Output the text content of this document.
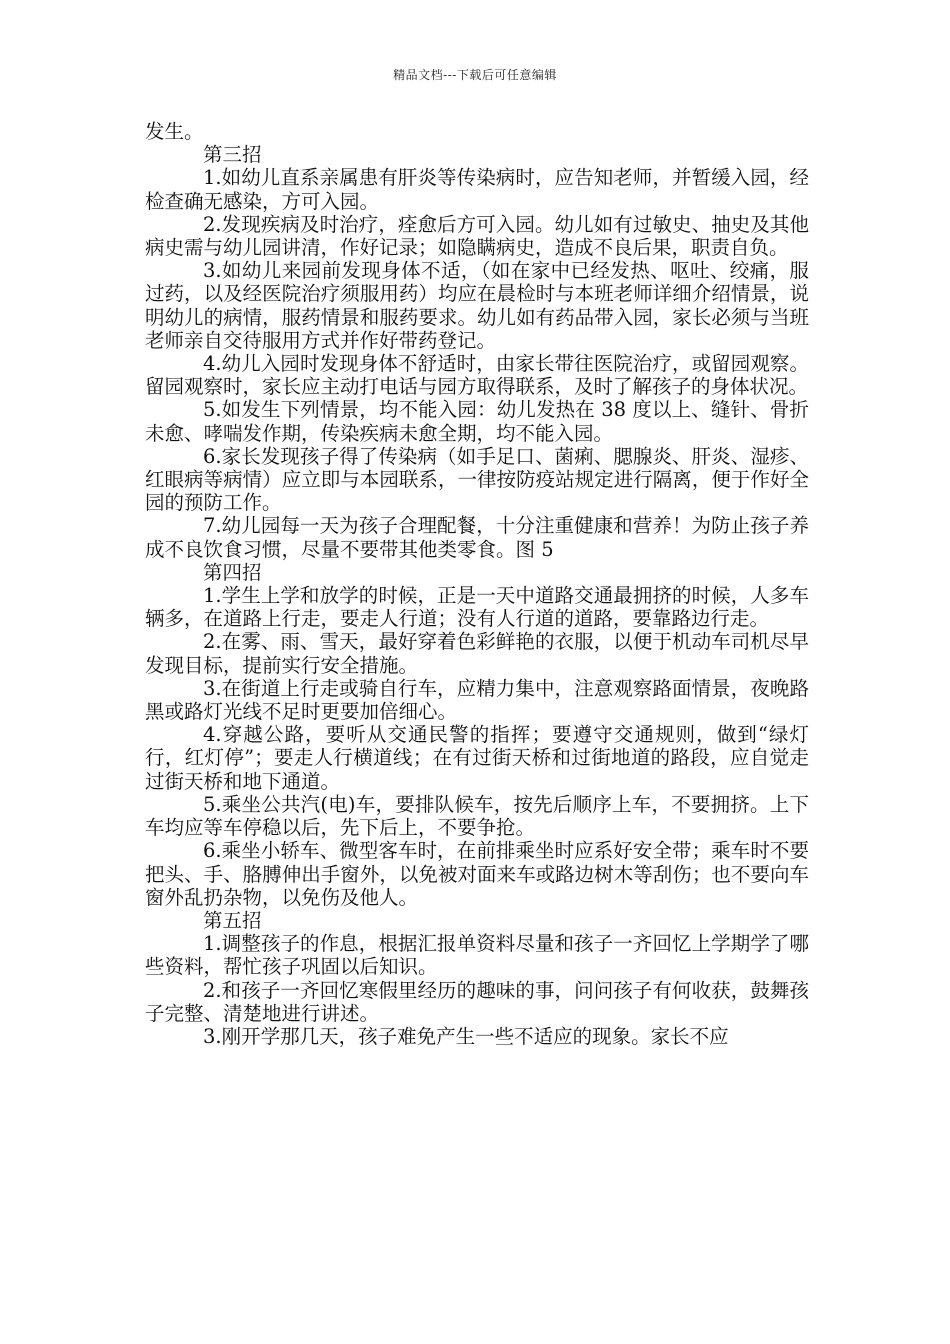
精品文档---下载后可任意编辑

发生。

第三招

1.如幼儿直系亲属患有肝炎等传染病时，应告知老师，并暂缓入园，经检查确无感染，方可入园。

2.发现疾病及时治疗，痊愈后方可入园。幼儿如有过敏史、抽史及其他病史需与幼儿园讲清，作好记录；如隐瞒病史，造成不良后果，职责自负。

3.如幼儿来园前发现身体不适，（如在家中已经发热、呕吐、绞痛，服过药，以及经医院治疗须服用药）均应在晨检时与本班老师详细介绍情景，说明幼儿的病情，服药情景和服药要求。幼儿如有药品带入园，家长必须与当班老师亲自交待服用方式并作好带药登记。

4.幼儿入园时发现身体不舒适时，由家长带往医院治疗，或留园观察。留园观察时，家长应主动打电话与园方取得联系，及时了解孩子的身体状况。

5.如发生下列情景，均不能入园：幼儿发热在 38 度以上、缝针、骨折未愈、哮喘发作期，传染疾病未愈全期，均不能入园。

6.家长发现孩子得了传染病（如手足口、菌痢、腮腺炎、肝炎、湿疹、红眼病等病情）应立即与本园联系，一律按防疫站规定进行隔离，便于作好全园的预防工作。

7.幼儿园每一天为孩子合理配餐，十分注重健康和营养！为防止孩子养成不良饮食习惯，尽量不要带其他类零食。图 5

第四招

1.学生上学和放学的时候，正是一天中道路交通最拥挤的时候，人多车辆多，在道路上行走，要走人行道；没有人行道的道路，要靠路边行走。

2.在雾、雨、雪天，最好穿着色彩鲜艳的衣服，以便于机动车司机尽早发现目标，提前实行安全措施。

3.在街道上行走或骑自行车，应精力集中，注意观察路面情景，夜晚路黑或路灯光线不足时更要加倍细心。

4.穿越公路，要听从交通民警的指挥；要遵守交通规则，做到“绿灯行，红灯停”；要走人行横道线；在有过街天桥和过街地道的路段，应自觉走过街天桥和地下通道。

5.乘坐公共汽(电)车，要排队候车，按先后顺序上车，不要拥挤。上下车均应等车停稳以后，先下后上，不要争抢。

6.乘坐小轿车、微型客车时，在前排乘坐时应系好安全带；乘车时不要把头、手、胳膊伸出手窗外，以免被对面来车或路边树木等刮伤；也不要向车窗外乱扔杂物，以免伤及他人。

第五招

1.调整孩子的作息，根据汇报单资料尽量和孩子一齐回忆上学期学了哪些资料，帮忙孩子巩固以后知识。

2.和孩子一齐回忆寒假里经历的趣味的事，问问孩子有何收获，鼓舞孩子完整、清楚地进行讲述。

3.刚开学那几天，孩子难免产生一些不适应的现象。家长不应
